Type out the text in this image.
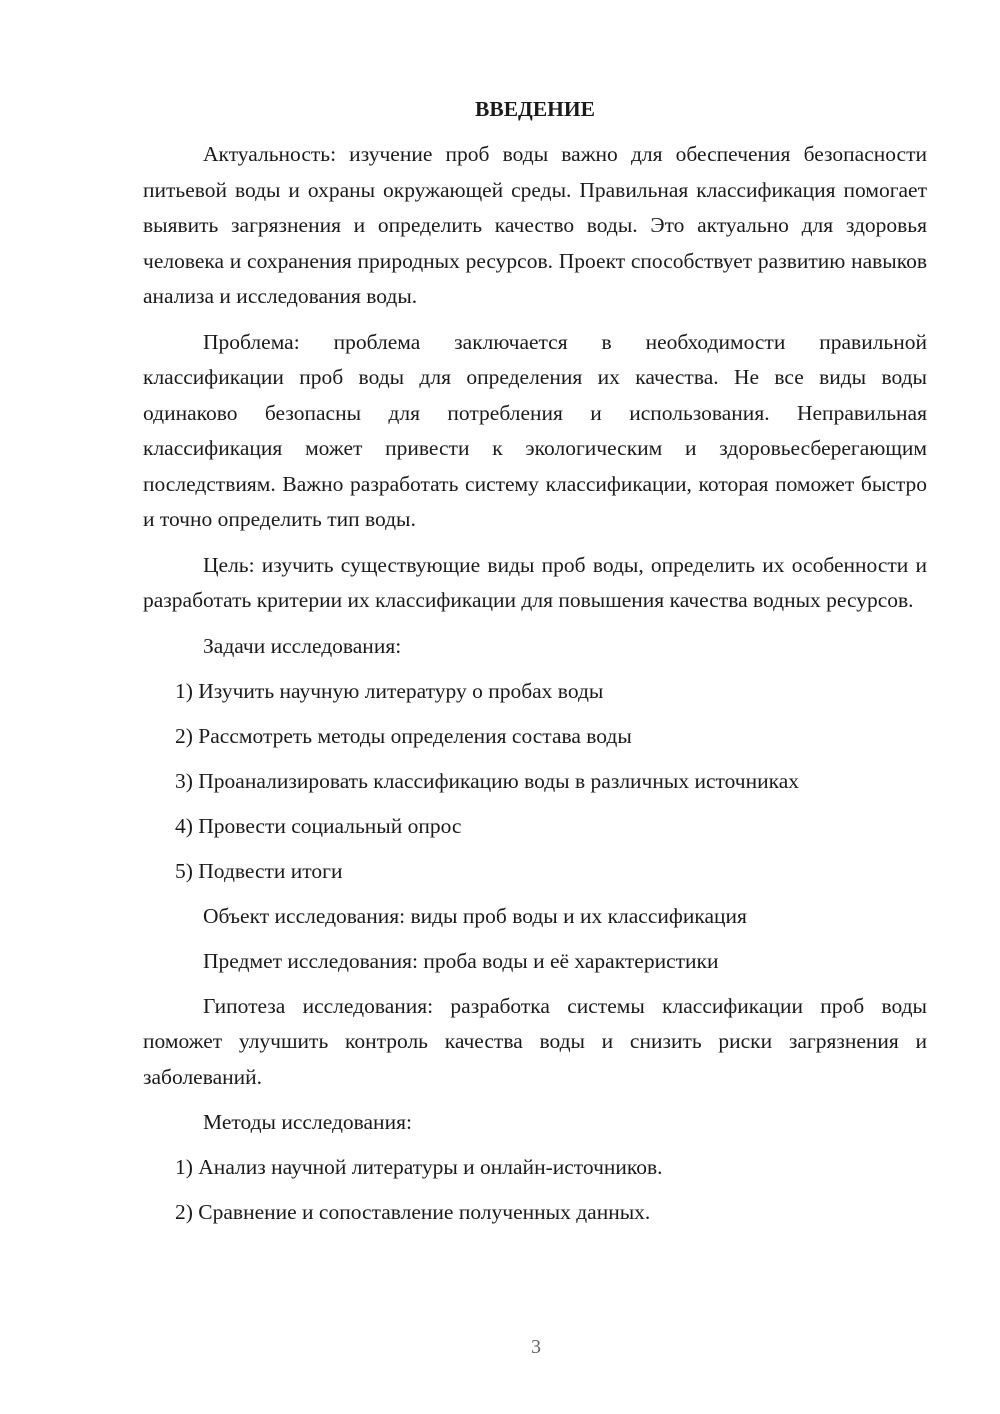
ВВЕДЕНИЕ

Актуальность: изучение проб воды важно для обеспечения безопасности питьевой воды и охраны окружающей среды. Правильная классификация помогает выявить загрязнения и определить качество воды. Это актуально для здоровья человека и сохранения природных ресурсов. Проект способствует развитию навыков анализа и исследования воды.

Проблема: проблема заключается в необходимости правильной классификации проб воды для определения их качества. Не все виды воды одинаково безопасны для потребления и использования. Неправильная классификация может привести к экологическим и здоровьесберегающим последствиям. Важно разработать систему классификации, которая поможет быстро и точно определить тип воды.

Цель: изучить существующие виды проб воды, определить их особенности и разработать критерии их классификации для повышения качества водных ресурсов.

Задачи исследования:
1) Изучить научную литературу о пробах воды
2) Рассмотреть методы определения состава воды
3) Проанализировать классификацию воды в различных источниках
4) Провести социальный опрос
5) Подвести итоги
Объект исследования: виды проб воды и их классификация
Предмет исследования: проба воды и её характеристики

Гипотеза исследования: разработка системы классификации проб воды поможет улучшить контроль качества воды и снизить риски загрязнения и заболеваний.

Методы исследования:
1) Анализ научной литературы и онлайн-источников.
2) Сравнение и сопоставление полученных данных.
3
